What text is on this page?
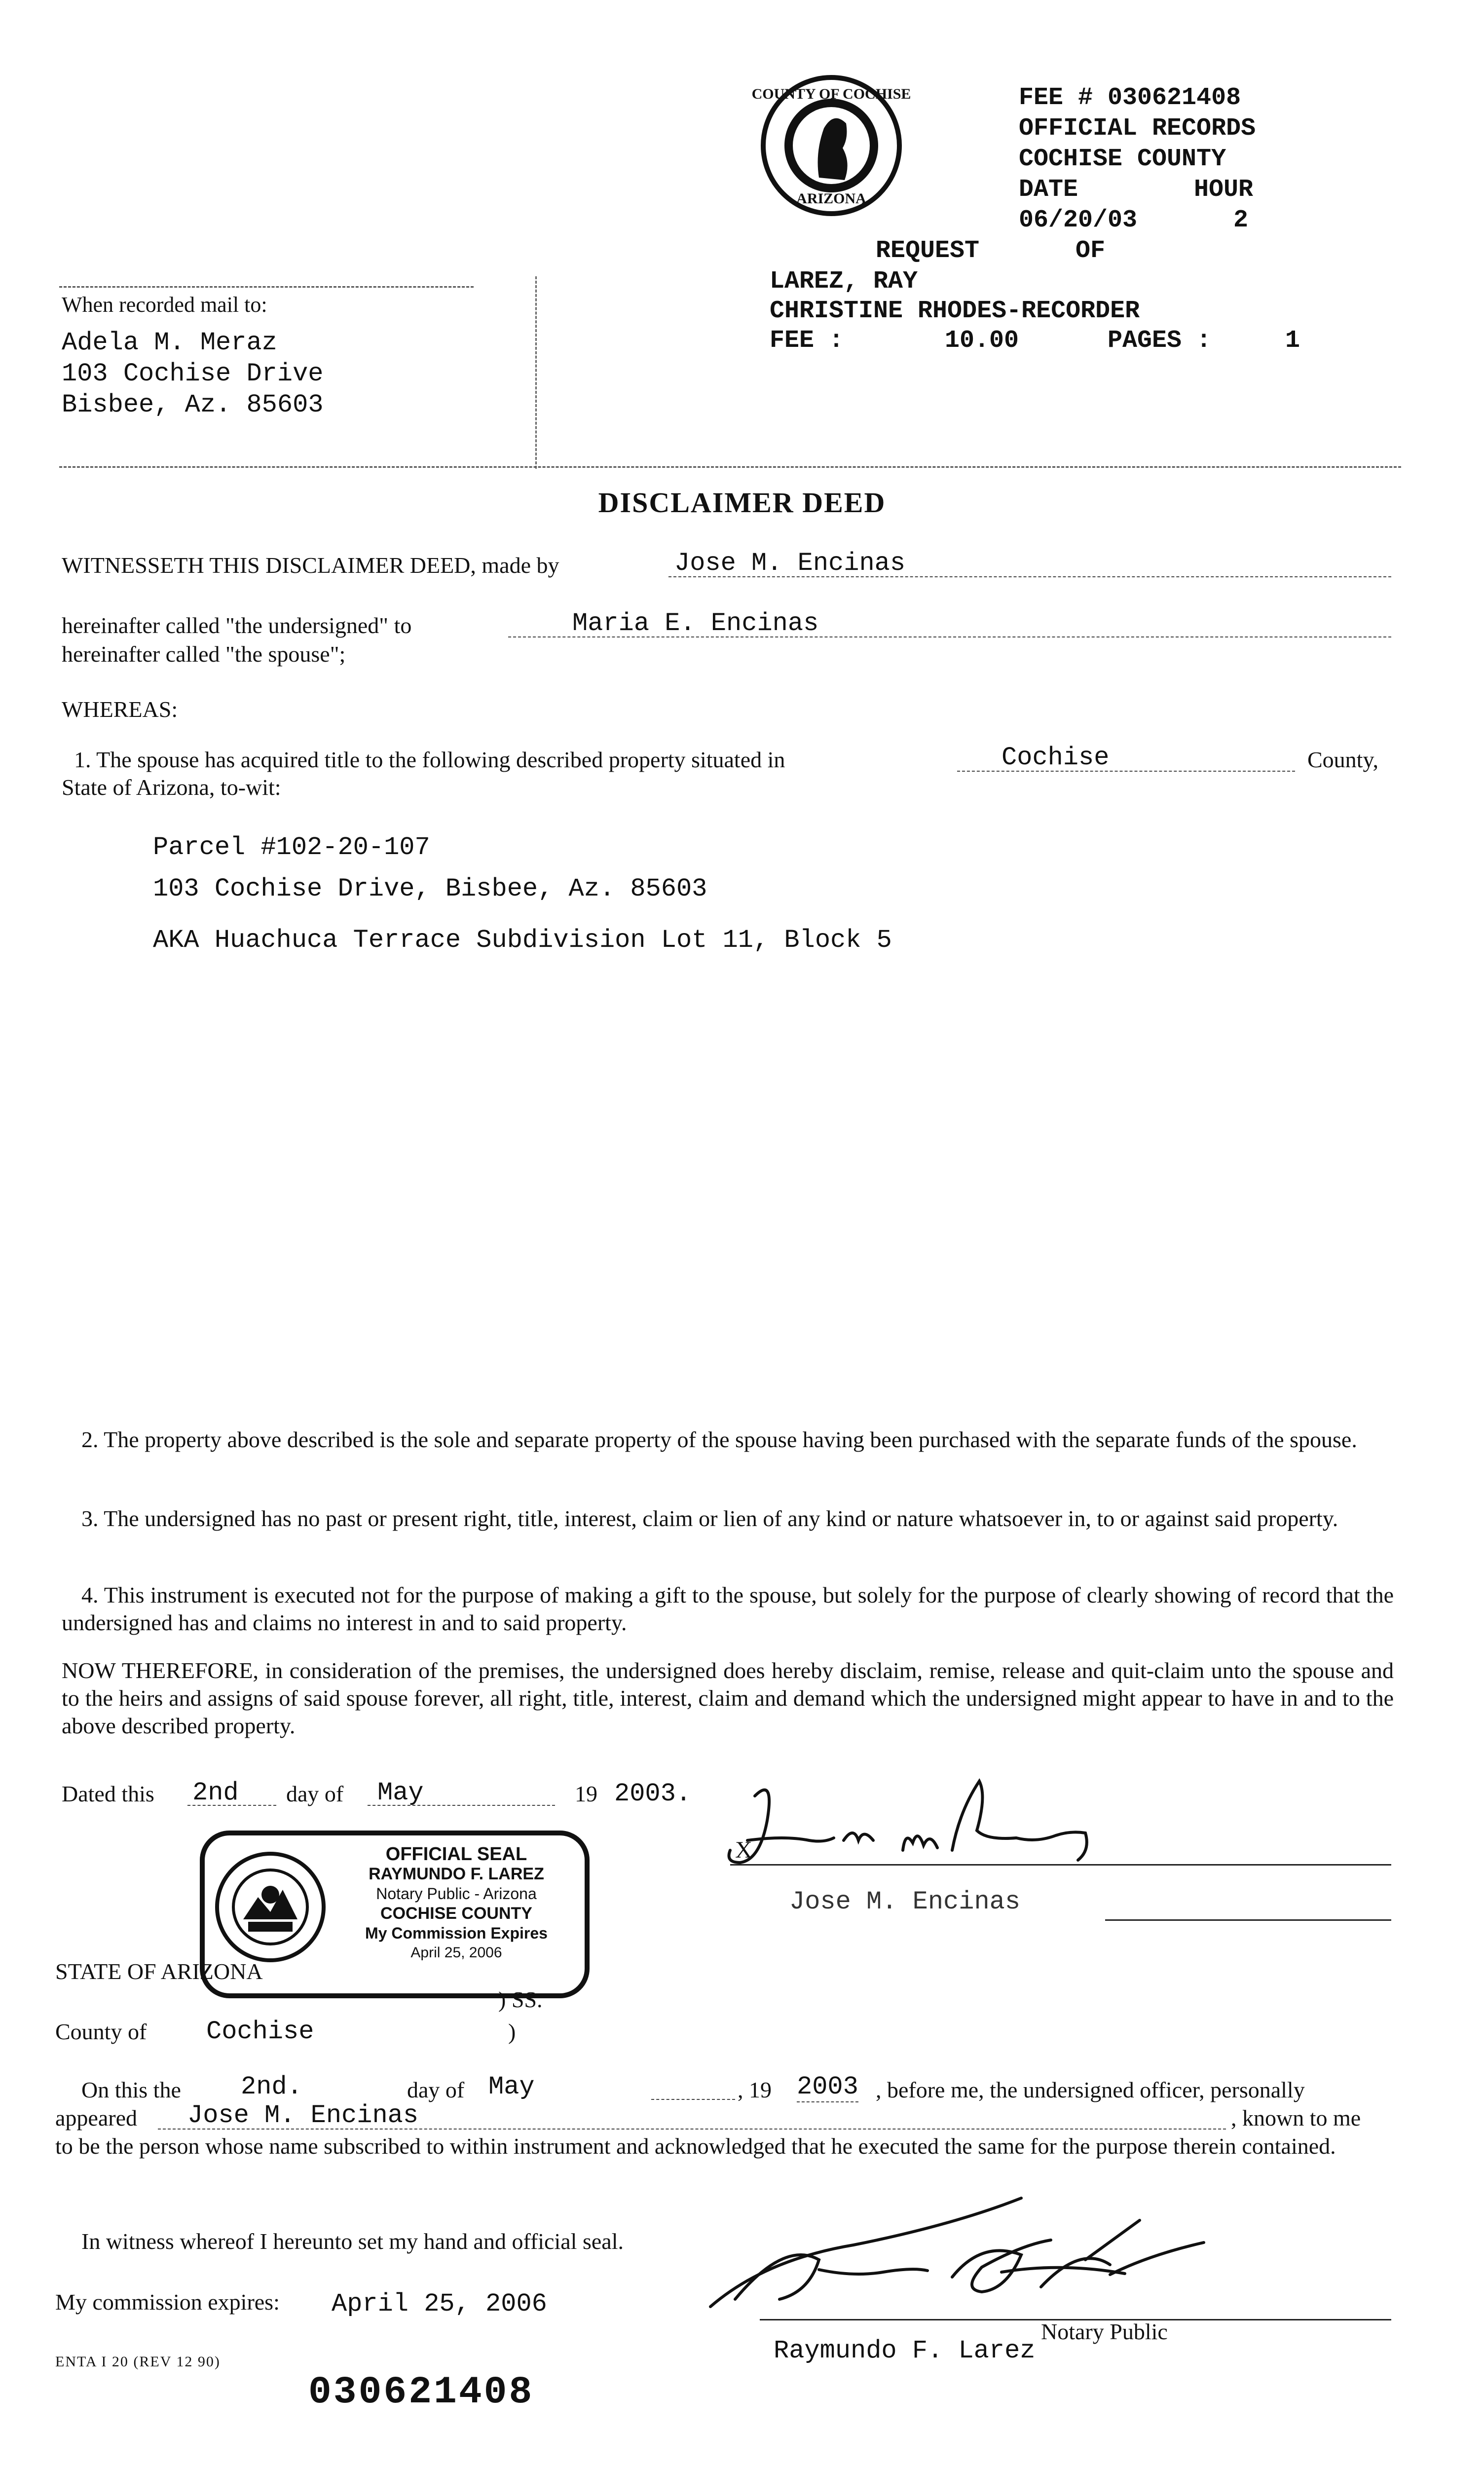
COUNTY OF COCHISE
ARIZONA
FEE # 030621408
OFFICIAL RECORDS
COCHISE COUNTY
DATE	HOUR
06/20/03	2
REQUEST	OF
LAREZ, RAY
CHRISTINE RHODES-RECORDER
FEE :	10.00	PAGES :	1
When recorded mail to:
Adela M. Meraz
103 Cochise Drive
Bisbee, Az. 85603
DISCLAIMER DEED
WITNESSETH THIS DISCLAIMER DEED, made by	Jose M. Encinas
hereinafter called "the undersigned" to	Maria E. Encinas
hereinafter called "the spouse";
WHEREAS:
1. The spouse has acquired title to the following described property situated in	Cochise	County,
State of Arizona, to-wit:
Parcel #102-20-107
103 Cochise Drive, Bisbee, Az. 85603
AKA Huachuca Terrace Subdivision Lot 11, Block 5
2. The property above described is the sole and separate property of the spouse having been purchased with the separate funds of the spouse.
3. The undersigned has no past or present right, title, interest, claim or lien of any kind or nature whatsoever in, to or against said property.
4. This instrument is executed not for the purpose of making a gift to the spouse, but solely for the purpose of clearly showing of record that the undersigned has and claims no interest in and to said property.
NOW THEREFORE, in consideration of the premises, the undersigned does hereby disclaim, remise, release and quit-claim unto the spouse and to the heirs and assigns of said spouse forever, all right, title, interest, claim and demand which the undersigned might appear to have in and to the above described property.
Dated this 2nd	day of	May	19 2003.
X
Jose M. Encinas
OFFICIAL SEAL
RAYMUNDO F. LAREZ
Notary Public - Arizona
COCHISE COUNTY
My Commission Expires
April 25, 2006
STATE OF ARIZONA
) SS.
County of Cochise	)
On this the 2nd.	day of May	, 19 2003 , before me, the undersigned officer, personally
appeared	Jose M. Encinas	, known to me
to be the person whose name subscribed to within instrument and acknowledged that he executed the same for the purpose therein contained.
In witness whereof I hereunto set my hand and official seal.
My commission expires: April 25, 2006
Notary Public
Raymundo F. Larez
ENTA I 20 (REV 12 90)
030621408
